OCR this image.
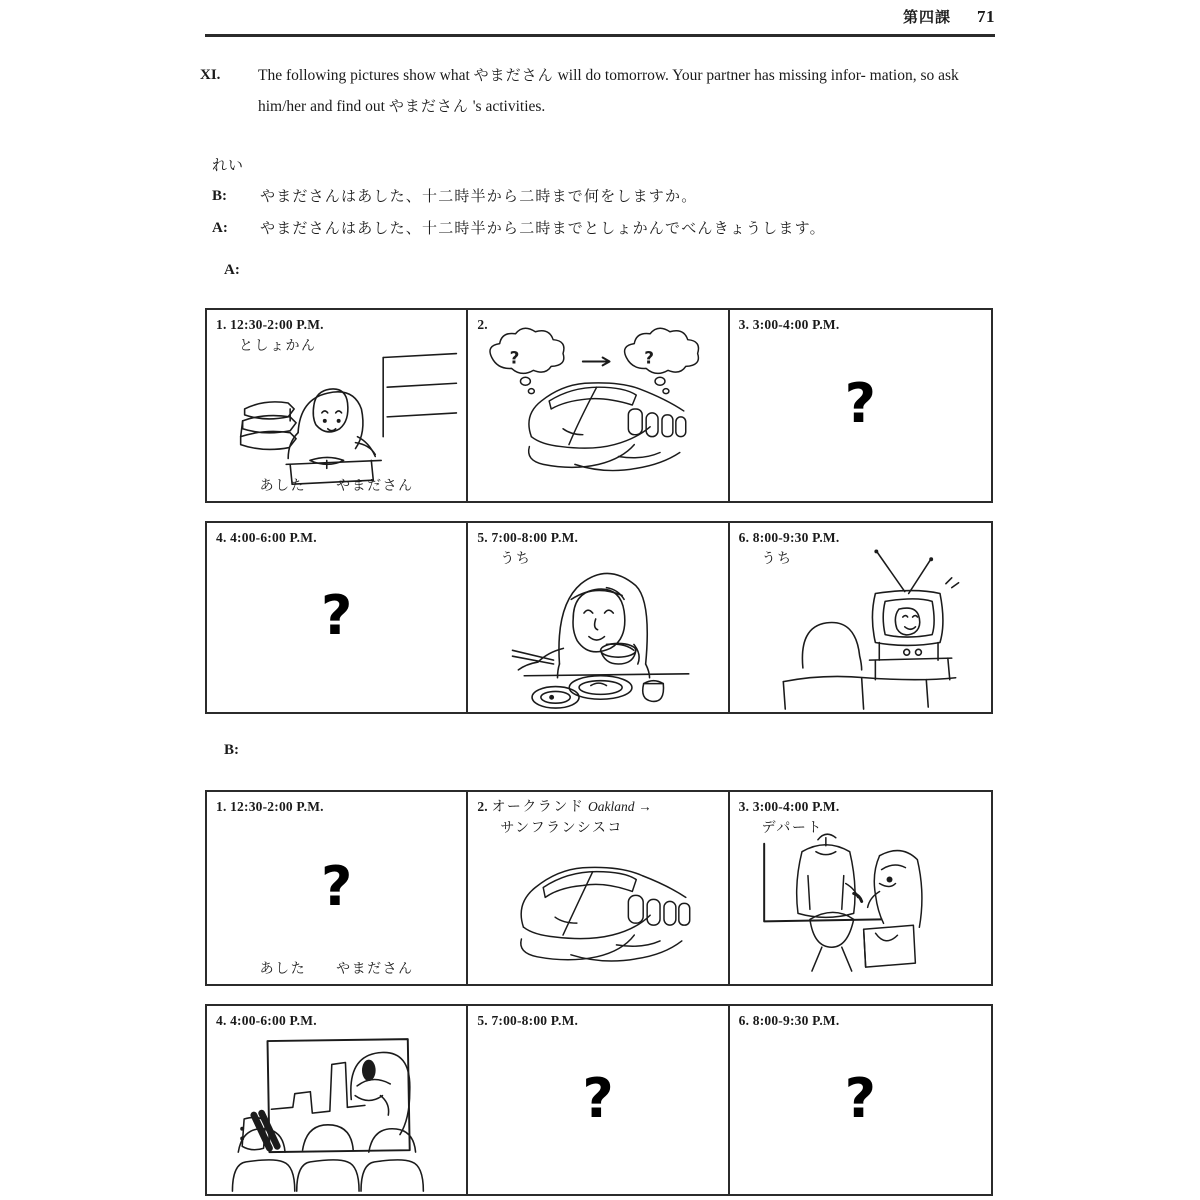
第四課 71
XI. The following pictures show what やまださん will do tomorrow. Your partner has missing infor- mation, so ask him/her and find out やまださん 's activities.
れい
B:	やまださんはあした、十二時半から二時まで何をしますか。
A:	やまださんはあした、十二時半から二時までとしょかんでべんきょうします。
A:
B:
1. 12:30-2:00 P.M.
としょかん
あした やまださん
2.
?	?
3. 3:00-4:00 P.M.
?
4. 4:00-6:00 P.M.
?
5. 7:00-8:00 P.M.
うち
6. 8:00-9:30 P.M.
うち
1. 12:30-2:00 P.M.
?
あした やまださん
2. オークランド Oakland →
サンフランシスコ
3. 3:00-4:00 P.M.
デパート
4. 4:00-6:00 P.M.	5. 7:00-8:00 P.M.
?
6. 8:00-9:30 P.M.
?
